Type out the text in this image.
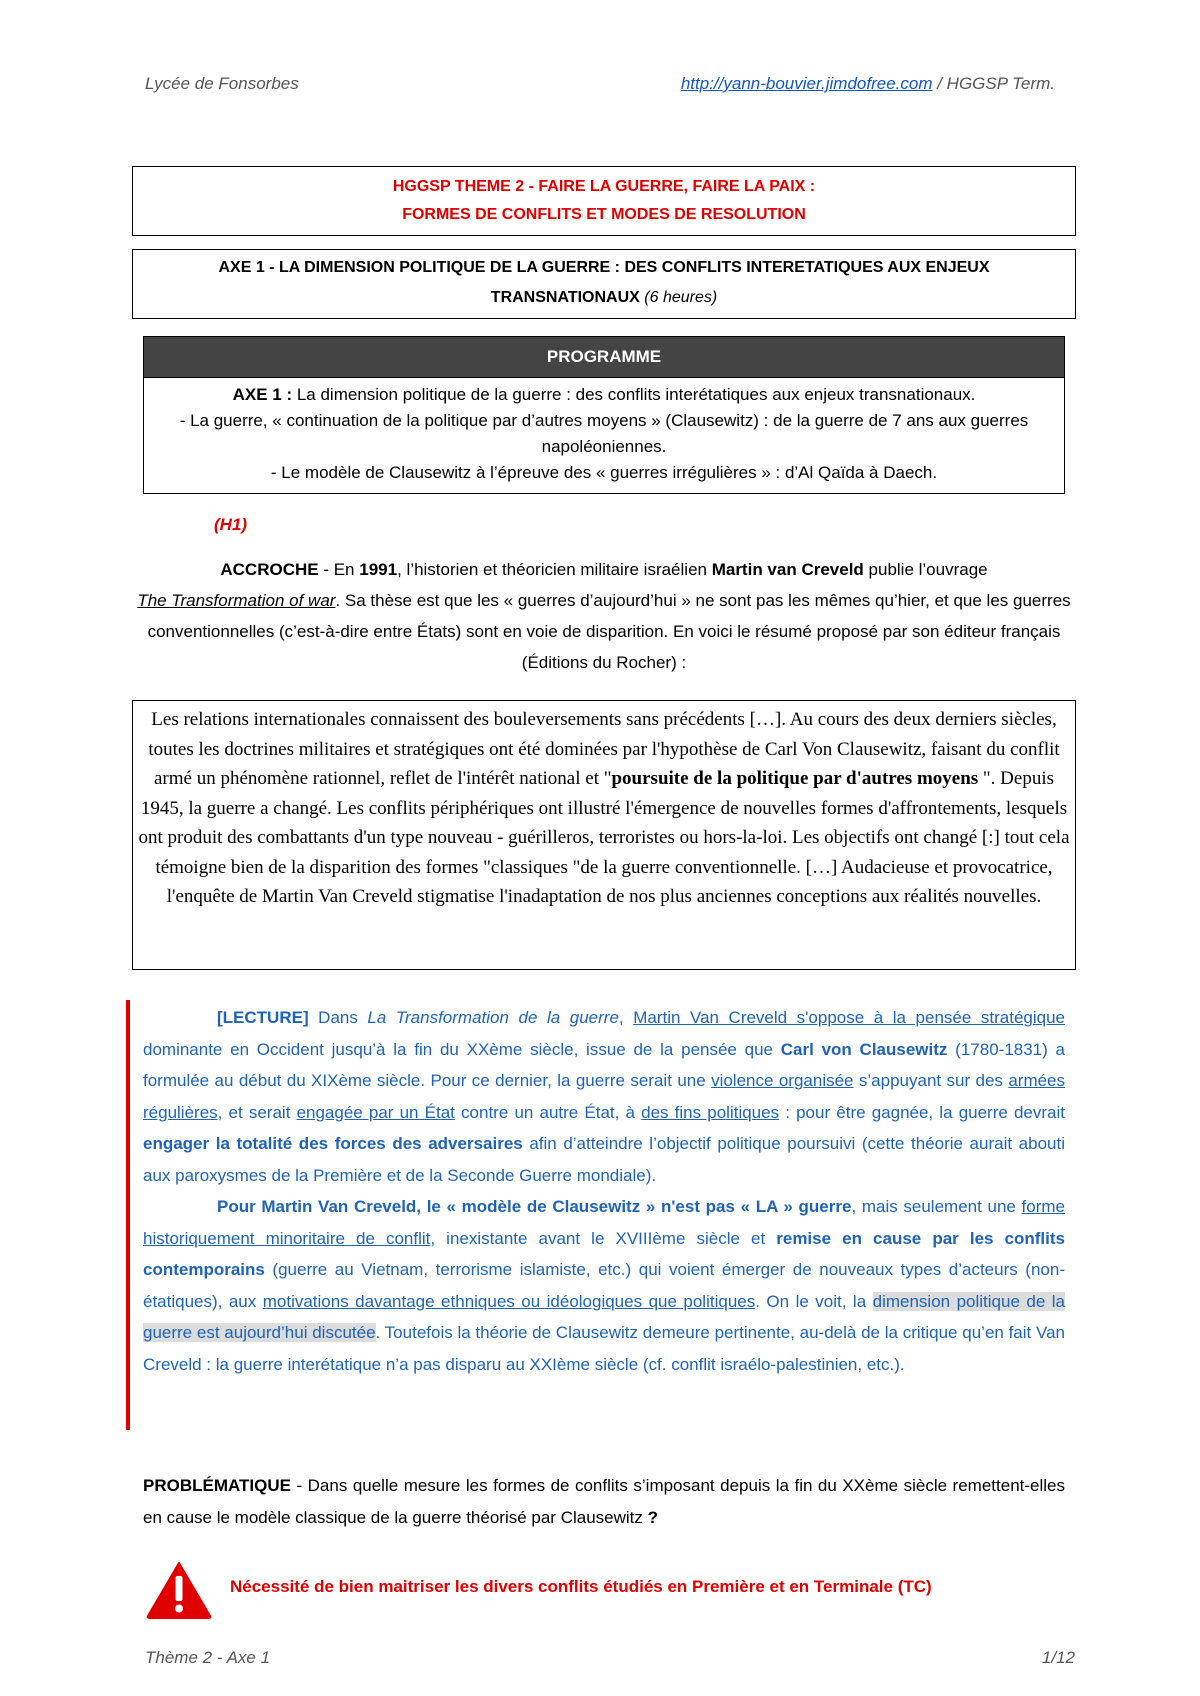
Lycée de Fonsorbes	http://yann-bouvier.jimdofree.com / HGGSP Term.
HGGSP THEME 2 - FAIRE LA GUERRE, FAIRE LA PAIX :
FORMES DE CONFLITS ET MODES DE RESOLUTION
AXE 1 - LA DIMENSION POLITIQUE DE LA GUERRE : DES CONFLITS INTERETATIQUES AUX ENJEUX
TRANSNATIONAUX (6 heures)
PROGRAMME
AXE 1 : La dimension politique de la guerre : des conflits interétatiques aux enjeux transnationaux.
- La guerre, « continuation de la politique par d’autres moyens » (Clausewitz) : de la guerre de 7 ans aux guerres napoléoniennes.
- Le modèle de Clausewitz à l’épreuve des « guerres irrégulières » : d’Al Qaïda à Daech.
(H1)
ACCROCHE - En 1991, l’historien et théoricien militaire israélien Martin van Creveld publie l’ouvrage
The Transformation of war. Sa thèse est que les « guerres d’aujourd’hui » ne sont pas les mêmes qu’hier, et que les guerres conventionnelles (c’est-à-dire entre États) sont en voie de disparition. En voici le résumé proposé par son éditeur français (Éditions du Rocher) :
Les relations internationales connaissent des bouleversements sans précédents […]. Au cours des deux derniers siècles, toutes les doctrines militaires et stratégiques ont été dominées par l'hypothèse de Carl Von Clausewitz, faisant du conflit armé un phénomène rationnel, reflet de l'intérêt national et "poursuite de la politique par d'autres moyens ". Depuis 1945, la guerre a changé. Les conflits périphériques ont illustré l'émergence de nouvelles formes d'affrontements, lesquels ont produit des combattants d'un type nouveau - guérilleros, terroristes ou hors-la-loi. Les objectifs ont changé [:] tout cela témoigne bien de la disparition des formes "classiques "de la guerre conventionnelle. […] Audacieuse et provocatrice, l'enquête de Martin Van Creveld stigmatise l'inadaptation de nos plus anciennes conceptions aux réalités nouvelles.

[LECTURE] Dans La Transformation de la guerre, Martin Van Creveld s'oppose à la pensée stratégique dominante en Occident jusqu’à la fin du XXème siècle, issue de la pensée que Carl von Clausewitz (1780-1831) a formulée au début du XIXème siècle. Pour ce dernier, la guerre serait une violence organisée s’appuyant sur des armées régulières, et serait engagée par un État contre un autre État, à des fins politiques : pour être gagnée, la guerre devrait engager la totalité des forces des adversaires afin d’atteindre l’objectif politique poursuivi (cette théorie aurait abouti aux paroxysmes de la Première et de la Seconde Guerre mondiale).

Pour Martin Van Creveld, le « modèle de Clausewitz » n'est pas « LA » guerre, mais seulement une forme historiquement minoritaire de conflit, inexistante avant le XVIIIème siècle et remise en cause par les conflits contemporains (guerre au Vietnam, terrorisme islamiste, etc.) qui voient émerger de nouveaux types d’acteurs (non-étatiques), aux motivations davantage ethniques ou idéologiques que politiques. On le voit, la dimension politique de la guerre est aujourd’hui discutée. Toutefois la théorie de Clausewitz demeure pertinente, au-delà de la critique qu’en fait Van Creveld : la guerre interétatique n’a pas disparu au XXIème siècle (cf. conflit israélo-palestinien, etc.).

PROBLÉMATIQUE - Dans quelle mesure les formes de conflits s’imposant depuis la fin du XXème siècle remettent-elles en cause le modèle classique de la guerre théorisé par Clausewitz ?
Nécessité de bien maitriser les divers conflits étudiés en Première et en Terminale (TC)
Thème 2 - Axe 1	1/12
